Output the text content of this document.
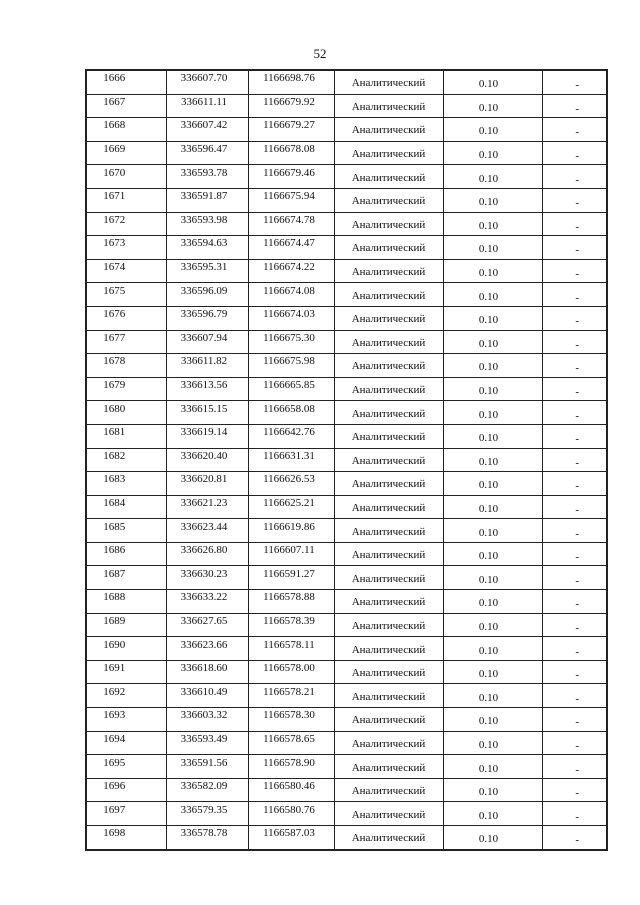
52
1666	336607.70	1166698.76	Аналитический	0.10	-
1667	336611.11	1166679.92	Аналитический	0.10	-
1668	336607.42	1166679.27	Аналитический	0.10	-
1669	336596.47	1166678.08	Аналитический	0.10	-
1670	336593.78	1166679.46	Аналитический	0.10	-
1671	336591.87	1166675.94	Аналитический	0.10	-
1672	336593.98	1166674.78	Аналитический	0.10	-
1673	336594.63	1166674.47	Аналитический	0.10	-
1674	336595.31	1166674.22	Аналитический	0.10	-
1675	336596.09	1166674.08	Аналитический	0.10	-
1676	336596.79	1166674.03	Аналитический	0.10	-
1677	336607.94	1166675.30	Аналитический	0.10	-
1678	336611.82	1166675.98	Аналитический	0.10	-
1679	336613.56	1166665.85	Аналитический	0.10	-
1680	336615.15	1166658.08	Аналитический	0.10	-
1681	336619.14	1166642.76	Аналитический	0.10	-
1682	336620.40	1166631.31	Аналитический	0.10	-
1683	336620.81	1166626.53	Аналитический	0.10	-
1684	336621.23	1166625.21	Аналитический	0.10	-
1685	336623.44	1166619.86	Аналитический	0.10	-
1686	336626.80	1166607.11	Аналитический	0.10	-
1687	336630.23	1166591.27	Аналитический	0.10	-
1688	336633.22	1166578.88	Аналитический	0.10	-
1689	336627.65	1166578.39	Аналитический	0.10	-
1690	336623.66	1166578.11	Аналитический	0.10	-
1691	336618.60	1166578.00	Аналитический	0.10	-
1692	336610.49	1166578.21	Аналитический	0.10	-
1693	336603.32	1166578.30	Аналитический	0.10	-
1694	336593.49	1166578.65	Аналитический	0.10	-
1695	336591.56	1166578.90	Аналитический	0.10	-
1696	336582.09	1166580.46	Аналитический	0.10	-
1697	336579.35	1166580.76	Аналитический	0.10	-
1698	336578.78	1166587.03	Аналитический	0.10	-
